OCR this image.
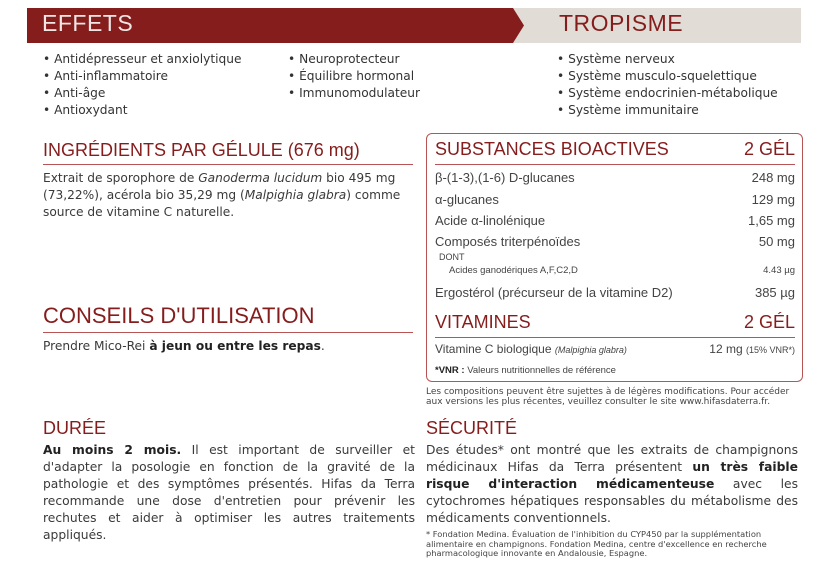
EFFETS	TROPISME
• Antidépresseur et anxiolytique
• Anti-inflammatoire
• Anti-âge
• Antioxydant
• Neuroprotecteur
• Équilibre hormonal
• Immunomodulateur
• Système nerveux
• Système musculo-squelettique
• Système endocrinien-métabolique
• Système immunitaire
INGRÉDIENTS PAR GÉLULE (676 mg)

Extrait de sporophore de Ganoderma lucidum bio 495 mg (73,22%), acérola bio 35,29 mg (Malpighia glabra) comme source de vitamine C naturelle.

CONSEILS D'UTILISATION

Prendre Mico-Rei à jeun ou entre les repas.

SUBSTANCES BIOACTIVES	2 GÉL
β-(1-3),(1-6) D-glucanes	248 mg
α-glucanes	129 mg
Acide α-linolénique	1,65 mg
Composés triterpénoïdes	50 mg
DONT
Acides ganodériques A,F,C2,D	4.43 µg
Ergostérol (précurseur de la vitamine D2)	385 µg
VITAMINES	2 GÉL
Vitamine C biologique (Malpighia glabra)	12 mg (15% VNR*)
*VNR : Valeurs nutritionnelles de référence

Les compositions peuvent être sujettes à de légères modifications. Pour accéder aux versions les plus récentes, veuillez consulter le site www.hifasdaterra.fr.

DURÉE

Au moins 2 mois. Il est important de surveiller et d'adapter la posologie en fonction de la gravité de la pathologie et des symptômes présentés. Hifas da Terra recommande une dose d'entretien pour prévenir les rechutes et aider à optimiser les autres traitements appliqués.

SÉCURITÉ

Des études* ont montré que les extraits de champignons médicinaux Hifas da Terra présentent un très faible risque d'interaction médicamenteuse avec les cytochromes hépatiques responsables du métabolisme des médicaments conventionnels.

* Fondation Medina. Évaluation de l'inhibition du CYP450 par la supplémentation alimentaire en champignons. Fondation Medina, centre d'excellence en recherche pharmacologique innovante en Andalousie, Espagne.
